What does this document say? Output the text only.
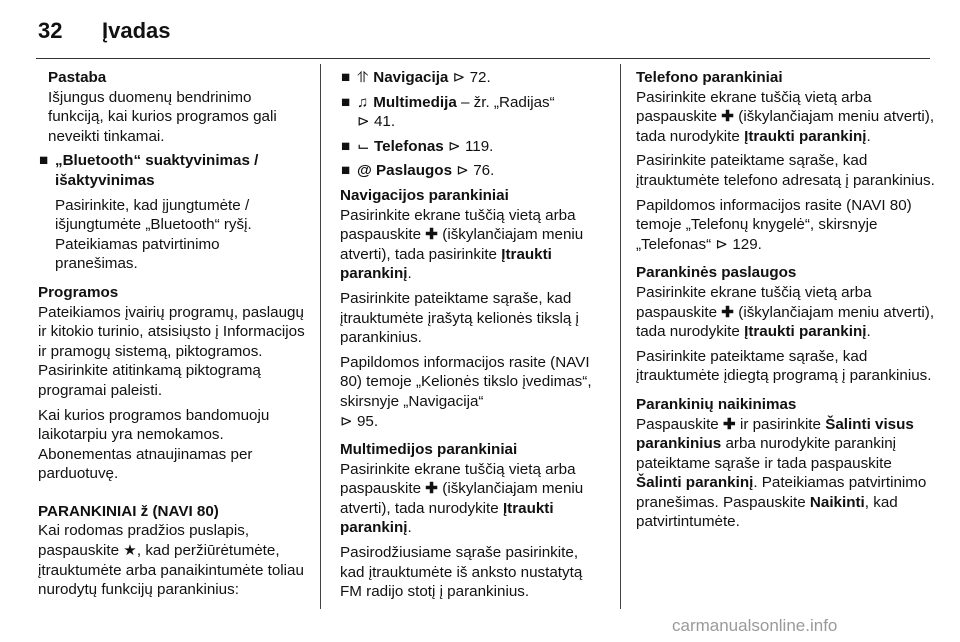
32 Įvadas

Pastaba

Išjungus duomenų bendrinimo funkciją, kai kurios programos gali neveikti tinkamai.

■ „Bluetooth“ suaktyvinimas / išaktyvinimas

Pasirinkite, kad įjungtumėte / išjungtumėte „Bluetooth“ ryšį. Pateikiamas patvirtinimo pranešimas.

Programos

Pateikiamos įvairių programų, paslaugų ir kitokio turinio, atsisiųsto į Informacijos ir pramogų sistemą, piktogramos. Pasirinkite atitinkamą piktogramą programai paleisti.

Kai kurios programos bandomuoju laikotarpiu yra nemokamos. Abonementas atnaujinamas per parduotuvę.

PARANKINIAI ž (NAVI 80)

Kai rodomas pradžios puslapis, paspauskite ★, kad peržiūrėtumėte, įtrauktumėte arba panaikintumėte toliau nurodytų funkcijų parankinius:

■ ⥣ Navigacija ⊳ 72.
■ ♫ Multimedija – žr. „Radijas“
⊳ 41.
■ ⌙ Telefonas ⊳ 119.
■ @ Paslaugos ⊳ 76.

Navigacijos parankiniai

Pasirinkite ekrane tuščią vietą arba paspauskite ✚ (iškylančiajam meniu atverti), tada pasirinkite Įtraukti parankinį.

Pasirinkite pateiktame sąraše, kad įtrauktumėte įrašytą kelionės tikslą į parankinius.

Papildomos informacijos rasite (NAVI 80) temoje „Kelionės tikslo įvedimas“, skirsnyje „Navigacija“
⊳ 95.

Multimedijos parankiniai

Pasirinkite ekrane tuščią vietą arba paspauskite ✚ (iškylančiajam meniu atverti), tada nurodykite Įtraukti parankinį.

Pasirodžiusiame sąraše pasirinkite, kad įtrauktumėte iš anksto nustatytą FM radijo stotį į parankinius.

Telefono parankiniai

Pasirinkite ekrane tuščią vietą arba paspauskite ✚ (iškylančiajam meniu atverti), tada nurodykite Įtraukti parankinį.

Pasirinkite pateiktame sąraše, kad įtrauktumėte telefono adresatą į parankinius.

Papildomos informacijos rasite (NAVI 80) temoje „Telefonų knygelė“, skirsnyje „Telefonas“ ⊳ 129.

Parankinės paslaugos

Pasirinkite ekrane tuščią vietą arba paspauskite ✚ (iškylančiajam meniu atverti), tada nurodykite Įtraukti parankinį.

Pasirinkite pateiktame sąraše, kad įtrauktumėte įdiegtą programą į parankinius.

Parankinių naikinimas

Paspauskite ✚ ir pasirinkite Šalinti visus parankinius arba nurodykite parankinį pateiktame sąraše ir tada paspauskite Šalinti parankinį. Pateikiamas patvirtinimo pranešimas. Paspauskite Naikinti, kad patvirtintumėte.

carmanualsonline.info
